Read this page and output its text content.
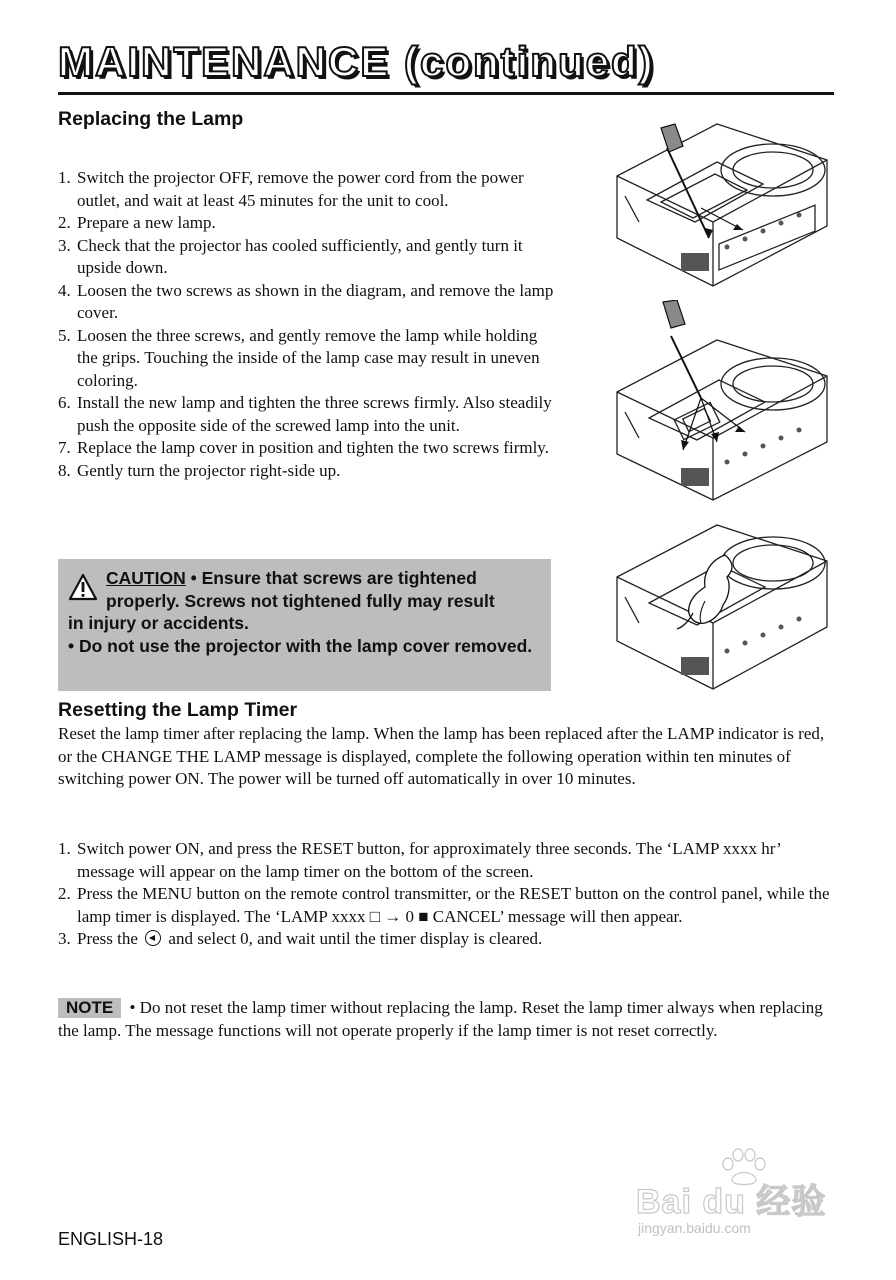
MAINTENANCE (continued)
Replacing the Lamp
1. Switch the projector OFF, remove the power cord from the power outlet, and wait at least 45 minutes for the unit to cool.
2. Prepare a new lamp.
3. Check that the projector has cooled sufficiently, and gently turn it upside down.
4. Loosen the two screws as shown in the diagram, and remove the lamp cover.
5. Loosen the three screws, and gently remove the lamp while holding the grips. Touching the inside of the lamp case may result in uneven coloring.
6. Install the new lamp and tighten the three screws firmly. Also steadily push the opposite side of the screwed lamp into the unit.
7. Replace the lamp cover in position and tighten the two screws firmly.
8. Gently turn the projector right-side up.
CAUTION • Ensure that screws are tightened properly. Screws not tightened fully may result
in injury or accidents.
• Do not use the projector with the lamp cover removed.
Resetting the Lamp Timer

Reset the lamp timer after replacing the lamp. When the lamp has been replaced after the LAMP indicator is red, or the CHANGE THE LAMP message is displayed, complete the following operation within ten minutes of switching power ON. The power will be turned off automatically in over 10 minutes.

1. Switch power ON, and press the RESET button, for approximately three seconds. The ‘LAMP xxxx hr’ message will appear on the lamp timer on the bottom of the screen.
2. Press the MENU button on the remote control transmitter, or the RESET button on the control panel, while the lamp timer is displayed. The ‘LAMP xxxx □ → 0 ■ CANCEL’ message will then appear.
3. Press the  and select 0, and wait until the timer display is cleared.

NOTE • Do not reset the lamp timer without replacing the lamp. Reset the lamp timer always when replacing the lamp. The message functions will not operate properly if the lamp timer is not reset correctly.

ENGLISH-18
Bai du 经验
jingyan.baidu.com
